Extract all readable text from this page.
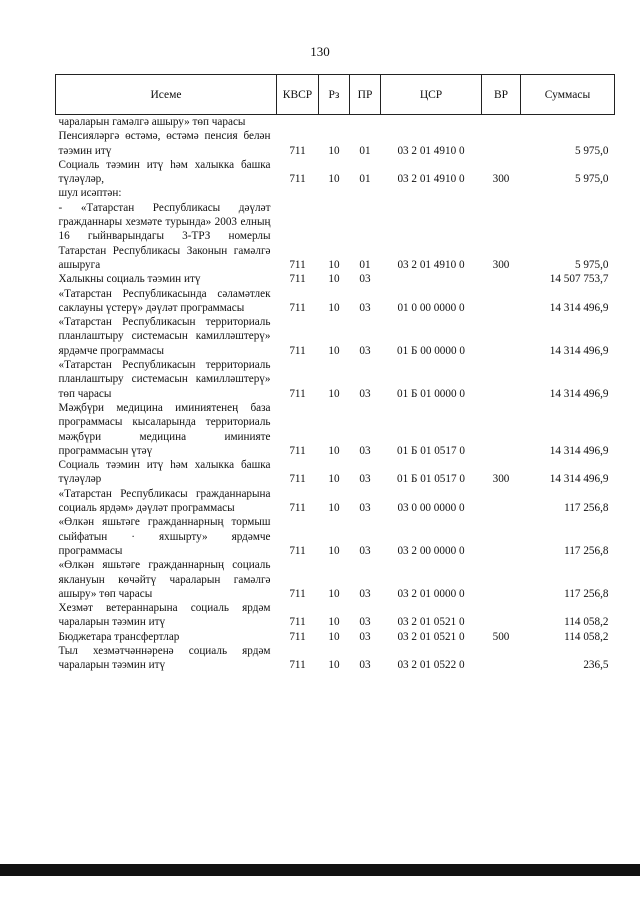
130
Исеме	КВСР	Рз	ПР	ЦСР	ВР	Суммасы
чараларын гамәлгә ашыру» төп чарасы						
Пенсияләргә өстәмә, өстәмә пенсия белән тәэмин итү	711	10	01	03 2 01 4910 0		5 975,0
Социаль тәэмин итү һәм халыкка башка түләүләр,	711	10	01	03 2 01 4910 0	300	5 975,0
шул исәптән:						
- «Татарстан Республикасы дәүләт гражданнары хезмәте турында» 2003 елның 16 гыйнварындагы 3-ТРЗ номерлы Татарстан Республикасы Законын гамәлгә ашыруга	711	10	01	03 2 01 4910 0	300	5 975,0
Халыкны социаль тәэмин итү	711	10	03			14 507 753,7
«Татарстан Республикасында сәламәтлек саклауны үстерү» дәүләт программасы	711	10	03	01 0 00 0000 0		14 314 496,9
«Татарстан Республикасын территориаль планлаштыру системасын камилләштерү» ярдәмче программасы	711	10	03	01 Б 00 0000 0		14 314 496,9
«Татарстан Республикасын территориаль планлаштыру системасын камилләштерү» төп чарасы	711	10	03	01 Б 01 0000 0		14 314 496,9
Мәҗбүри медицина иминиятенең база программасы кысаларында территориаль мәҗбүри медицина иминияте программасын үтәү	711	10	03	01 Б 01 0517 0		14 314 496,9
Социаль тәэмин итү һәм халыкка башка түләүләр	711	10	03	01 Б 01 0517 0	300	14 314 496,9
«Татарстан Республикасы гражданнарына социаль ярдәм» дәүләт программасы	711	10	03	03 0 00 0000 0		117 256,8
«Өлкән яшьтәге гражданнарның тормыш сыйфатын · яхшырту» ярдәмче программасы	711	10	03	03 2 00 0000 0		117 256,8
«Өлкән яшьтәге гражданнарның социаль яклануын көчәйтү чараларын гамәлгә ашыру» төп чарасы	711	10	03	03 2 01 0000 0		117 256,8
Хезмәт ветераннарына социаль ярдәм чараларын тәэмин итү	711	10	03	03 2 01 0521 0		114 058,2
Бюджетара трансфертлар	711	10	03	03 2 01 0521 0	500	114 058,2
Тыл хезмәтчәннәренә социаль ярдәм чараларын тәэмин итү	711	10	03	03 2 01 0522 0		236,5
